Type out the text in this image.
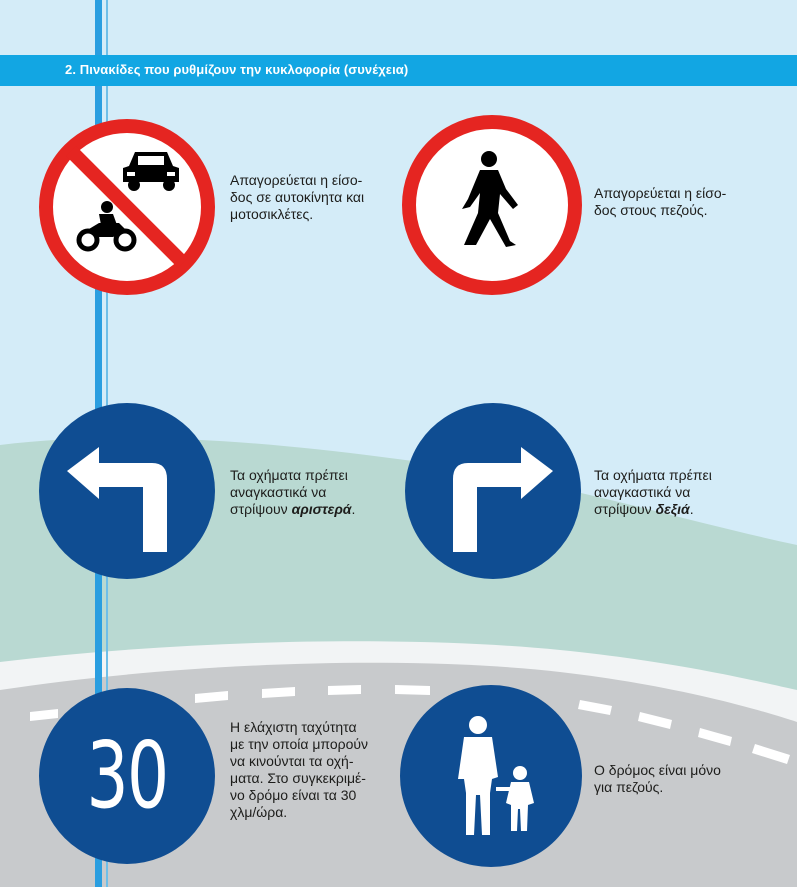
2. Πινακίδες που ρυθμίζουν την κυκλοφορία (συνέχεια)
Απαγορεύεται η είσο-
δος σε αυτοκίνητα και
μοτοσικλέτες.
Απαγορεύεται η είσο-
δος στους πεζούς.
Τα οχήματα πρέπει
αναγκαστικά να
στρίψουν αριστερά.
Τα οχήματα πρέπει
αναγκαστικά να
στρίψουν δεξιά.
30	Η ελάχιστη ταχύτητα
με την οποία μπορούν
να κινούνται τα οχή-
ματα. Στο συγκεκριμέ-
νο δρόμο είναι τα 30
χλμ/ώρα.
Ο δρόμος είναι μόνο
για πεζούς.
